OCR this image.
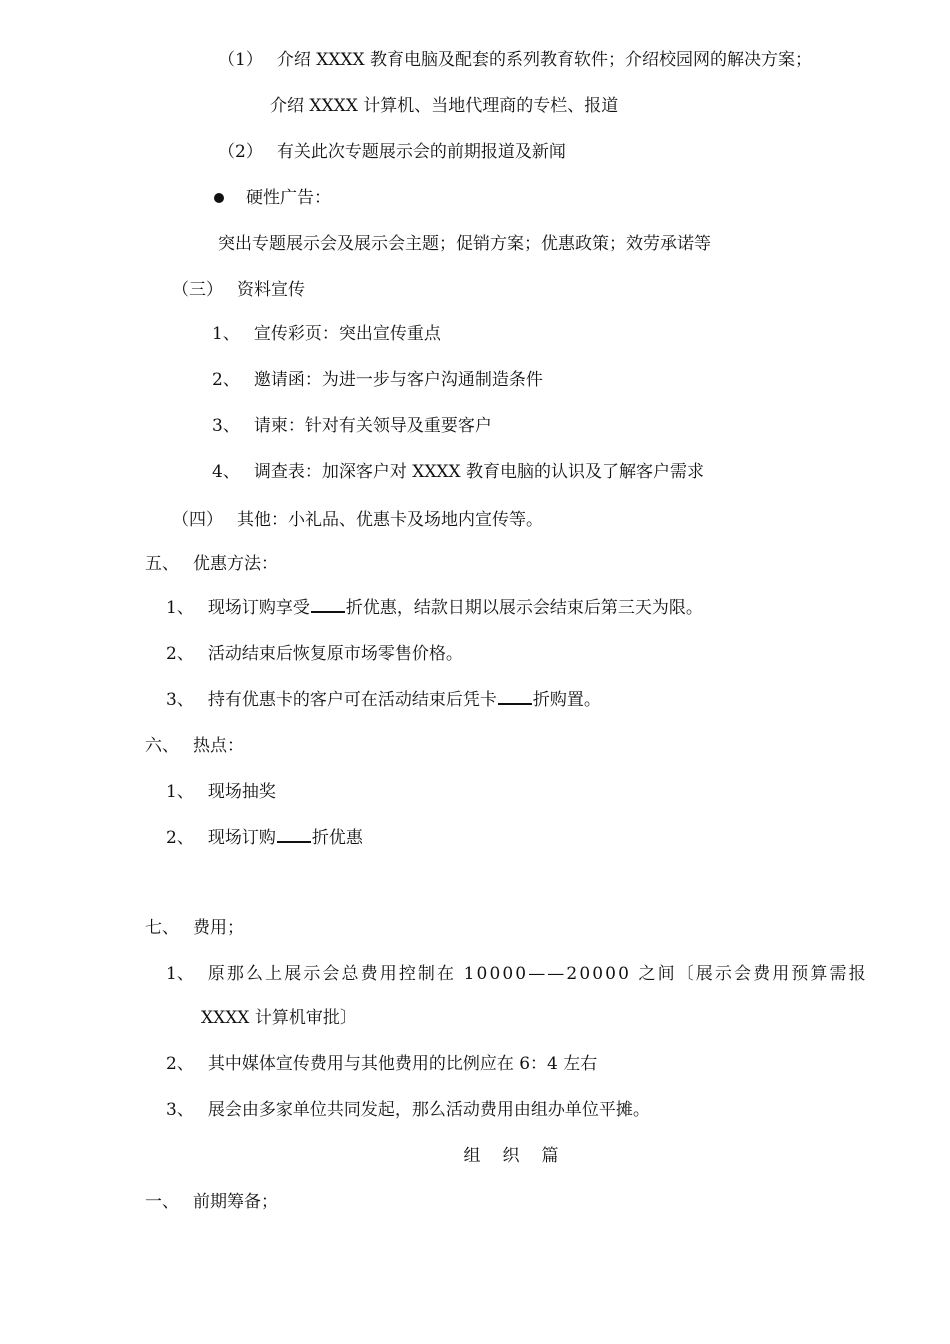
（1） 介绍 XXXX 教育电脑及配套的系列教育软件；介绍校园网的解决方案；
介绍 XXXX 计算机、当地代理商的专栏、报道
（2） 有关此次专题展示会的前期报道及新闻
硬性广告：
突出专题展示会及展示会主题；促销方案；优惠政策；效劳承诺等
（三） 资料宣传
1、 宣传彩页：突出宣传重点
2、 邀请函：为进一步与客户沟通制造条件
3、 请柬：针对有关领导及重要客户
4、 调查表：加深客户对 XXXX 教育电脑的认识及了解客户需求
（四） 其他：小礼品、优惠卡及场地内宣传等。
五、 优惠方法：
1、 现场订购享受 折优惠，结款日期以展示会结束后第三天为限。
2、 活动结束后恢复原市场零售价格。
3、 持有优惠卡的客户可在活动结束后凭卡 折购置。
六、 热点：
1、 现场抽奖
2、 现场订购 折优惠
七、 费用；
1、 原那么上展示会总费用控制在 10000——20000 之间〔展示会费用预算需报
XXXX 计算机审批〕
2、 其中媒体宣传费用与其他费用的比例应在 6：4 左右
3、 展会由多家单位共同发起，那么活动费用由组办单位平摊。
组织篇
一、 前期筹备；
